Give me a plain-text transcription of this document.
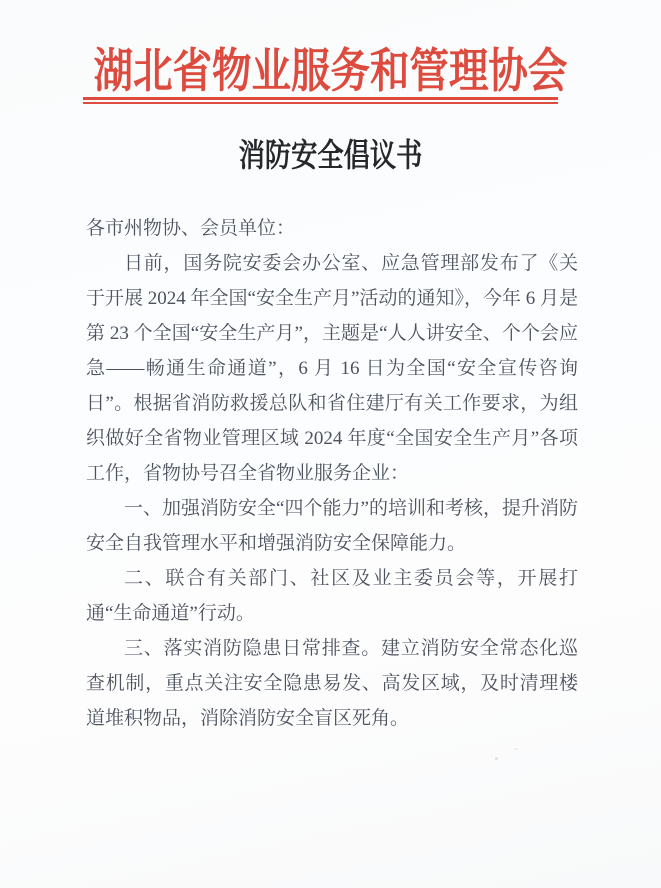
湖北省物业服务和管理协会
消防安全倡议书

各市州物协、会员单位：

日前，国务院安委会办公室、应急管理部发布了《关于开展 2024 年全国“安全生产月”活动的通知》，今年 6 月是第 23 个全国“安全生产月”，主题是“人人讲安全、个个会应急——畅通生命通道”，6 月 16 日为全国“安全宣传咨询日”。根据省消防救援总队和省住建厅有关工作要求，为组织做好全省物业管理区域 2024 年度“全国安全生产月”各项工作，省物协号召全省物业服务企业：

一、加强消防安全“四个能力”的培训和考核，提升消防安全自我管理水平和增强消防安全保障能力。

二、联合有关部门、社区及业主委员会等，开展打通“生命通道”行动。

三、落实消防隐患日常排查。建立消防安全常态化巡查机制，重点关注安全隐患易发、高发区域，及时清理楼道堆积物品，消除消防安全盲区死角。
